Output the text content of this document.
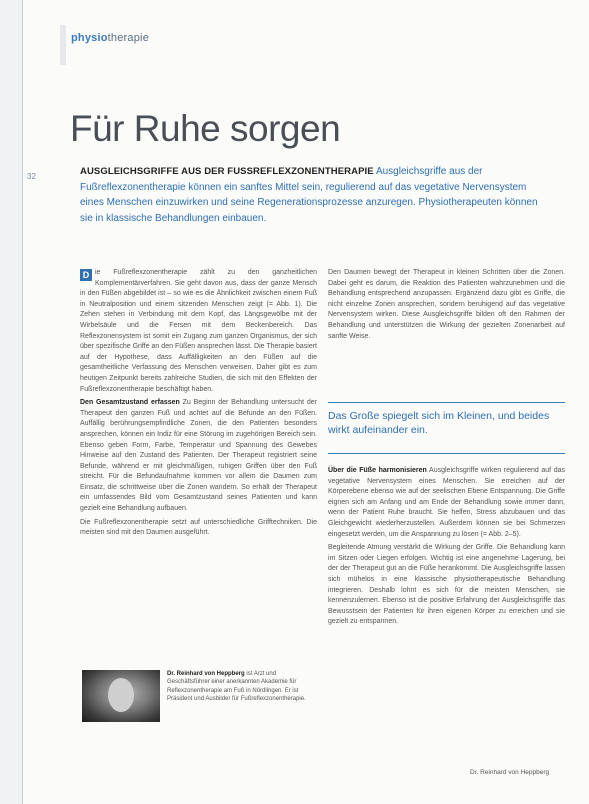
32
physiotherapie
Für Ruhe sorgen
AUSGLEICHSGRIFFE AUS DER FUSSREFLEXZONENTHERAPIE Ausgleichsgriffe aus der Fußreflexzonentherapie können ein sanftes Mittel sein, regulierend auf das vegetative Nervensystem eines Menschen einzuwirken und seine Regenerationsprozesse anzuregen. Physiotherapeuten können sie in klassische Behandlungen einbauen.

D ie Fußreflexzonentherapie zählt zu den ganzheitlichen Komplementärverfahren. Sie geht davon aus, dass der ganze Mensch in den Füßen abgebildet ist – so wie es die Ähnlichkeit zwischen einem Fuß in Neutralposition und einem sitzenden Menschen zeigt (= Abb. 1). Die Zehen stehen in Verbindung mit dem Kopf, das Längsgewölbe mit der Wirbelsäule und die Fersen mit dem Beckenbereich. Das Reflexzonensystem ist somit ein Zugang zum ganzen Organismus, der sich über spezifische Griffe an den Füßen ansprechen lässt. Die Therapie basiert auf der Hypothese, dass Auffälligkeiten an den Füßen auf die gesamtheitliche Verfassung des Menschen verweisen. Daher gibt es zum heutigen Zeitpunkt bereits zahlreiche Studien, die sich mit den Effekten der Fußreflexzonentherapie beschäftigt haben.

Den Gesamtzustand erfassen Zu Beginn der Behandlung untersucht der Therapeut den ganzen Fuß und achtet auf die Befunde an den Füßen. Auffällig berührungsempfindliche Zonen, die den Patienten besonders ansprechen, können ein Indiz für eine Störung im zugehörigen Bereich sein. Ebenso geben Form, Farbe, Temperatur und Spannung des Gewebes Hinweise auf den Zustand des Patienten. Der Therapeut registriert seine Befunde, während er mit gleichmäßigen, ruhigen Griffen über den Fuß streicht. Für die Befundaufnahme kommen vor allem die Daumen zum Einsatz, die schrittweise über die Zonen wandern. So erhält der Therapeut ein umfassendes Bild vom Gesamtzustand seines Patienten und kann gezielt eine Behandlung aufbauen.

Die Fußreflexzonentherapie setzt auf unterschiedliche Grifftechniken. Die meisten sind mit den Daumen ausgeführt.

Den Daumen bewegt der Therapeut in kleinen Schritten über die Zonen. Dabei geht es darum, die Reaktion des Patienten wahrzunehmen und die Behandlung entsprechend anzupassen. Ergänzend dazu gibt es Griffe, die nicht einzelne Zonen ansprechen, sondern beruhigend auf das vegetative Nervensystem wirken. Diese Ausgleichsgriffe bilden oft den Rahmen der Behandlung und unterstützen die Wirkung der gezielten Zonenarbeit auf sanfte Weise.

Das Große spiegelt sich im Kleinen, und beides wirkt aufeinander ein.

Über die Füße harmonisieren Ausgleichsgriffe wirken regulierend auf das vegetative Nervensystem eines Menschen. Sie erreichen auf der Körperebene ebenso wie auf der seelischen Ebene Entspannung. Die Griffe eignen sich am Anfang und am Ende der Behandlung sowie immer dann, wenn der Patient Ruhe braucht. Sie helfen, Stress abzubauen und das Gleichgewicht wiederherzustellen. Außerdem können sie bei Schmerzen eingesetzt werden, um die Anspannung zu lösen (= Abb. 2–5).

Begleitende Atmung verstärkt die Wirkung der Griffe. Die Behandlung kann im Sitzen oder Liegen erfolgen. Wichtig ist eine angenehme Lagerung, bei der der Therapeut gut an die Füße herankommt. Die Ausgleichsgriffe lassen sich mühelos in eine klassische physiotherapeutische Behandlung integrieren. Deshalb lohnt es sich für die meisten Menschen, sie kennenzulernen. Ebenso ist die positive Erfahrung der Ausgleichsgriffe das Bewusstsein der Patienten für ihren eigenen Körper zu erreichen und sie gezielt zu entspannen.

Dr. Reinhard von Heppberg ist Arzt und Geschäftsführer einer anerkannten Akademie für Reflexzonentherapie am Fuß in Nördlingen. Er ist Präsident und Ausbilder für Fußreflexzonentherapie.
Dr. Reinhard von Heppberg
